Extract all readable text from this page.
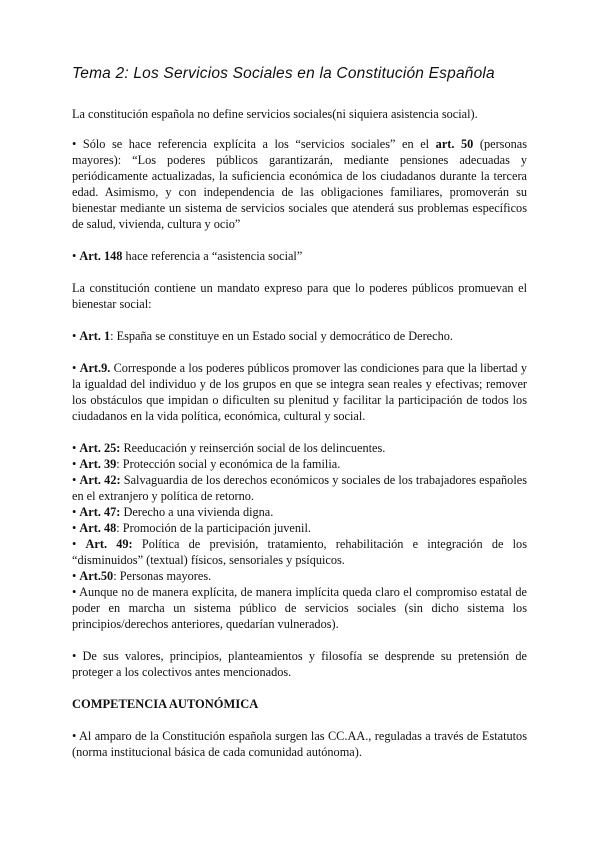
Tema 2: Los Servicios Sociales en la Constitución Española

La constitución española no define servicios sociales(ni siquiera asistencia social).

• Sólo se hace referencia explícita a los “servicios sociales” en el art. 50 (personas mayores): “Los poderes públicos garantizarán, mediante pensiones adecuadas y periódicamente actualizadas, la suficiencia económica de los ciudadanos durante la tercera edad. Asimismo, y con independencia de las obligaciones familiares, promoverán su bienestar mediante un sistema de servicios sociales que atenderá sus problemas específicos de salud, vivienda, cultura y ocio”

• Art. 148 hace referencia a “asistencia social”

La constitución contiene un mandato expreso para que lo poderes públicos promuevan el bienestar social:

• Art. 1: España se constituye en un Estado social y democrático de Derecho.

• Art.9. Corresponde a los poderes públicos promover las condiciones para que la libertad y la igualdad del individuo y de los grupos en que se integra sean reales y efectivas; remover los obstáculos que impidan o dificulten su plenitud y facilitar la participación de todos los ciudadanos en la vida política, económica, cultural y social.

• Art. 25: Reeducación y reinserción social de los delincuentes.

• Art. 39: Protección social y económica de la familia.

• Art. 42: Salvaguardia de los derechos económicos y sociales de los trabajadores españoles en el extranjero y política de retorno.

• Art. 47: Derecho a una vivienda digna.

• Art. 48: Promoción de la participación juvenil.

• Art. 49: Política de previsión, tratamiento, rehabilitación e integración de los “disminuidos” (textual) físicos, sensoriales y psíquicos.

• Art.50: Personas mayores.

• Aunque no de manera explícita, de manera implícita queda claro el compromiso estatal de poder en marcha un sistema público de servicios sociales (sin dicho sistema los principios/derechos anteriores, quedarían vulnerados).

• De sus valores, principios, planteamientos y filosofía se desprende su pretensión de proteger a los colectivos antes mencionados.

COMPETENCIA AUTONÓMICA

• Al amparo de la Constitución española surgen las CC.AA., reguladas a través de Estatutos (norma institucional básica de cada comunidad autónoma).
